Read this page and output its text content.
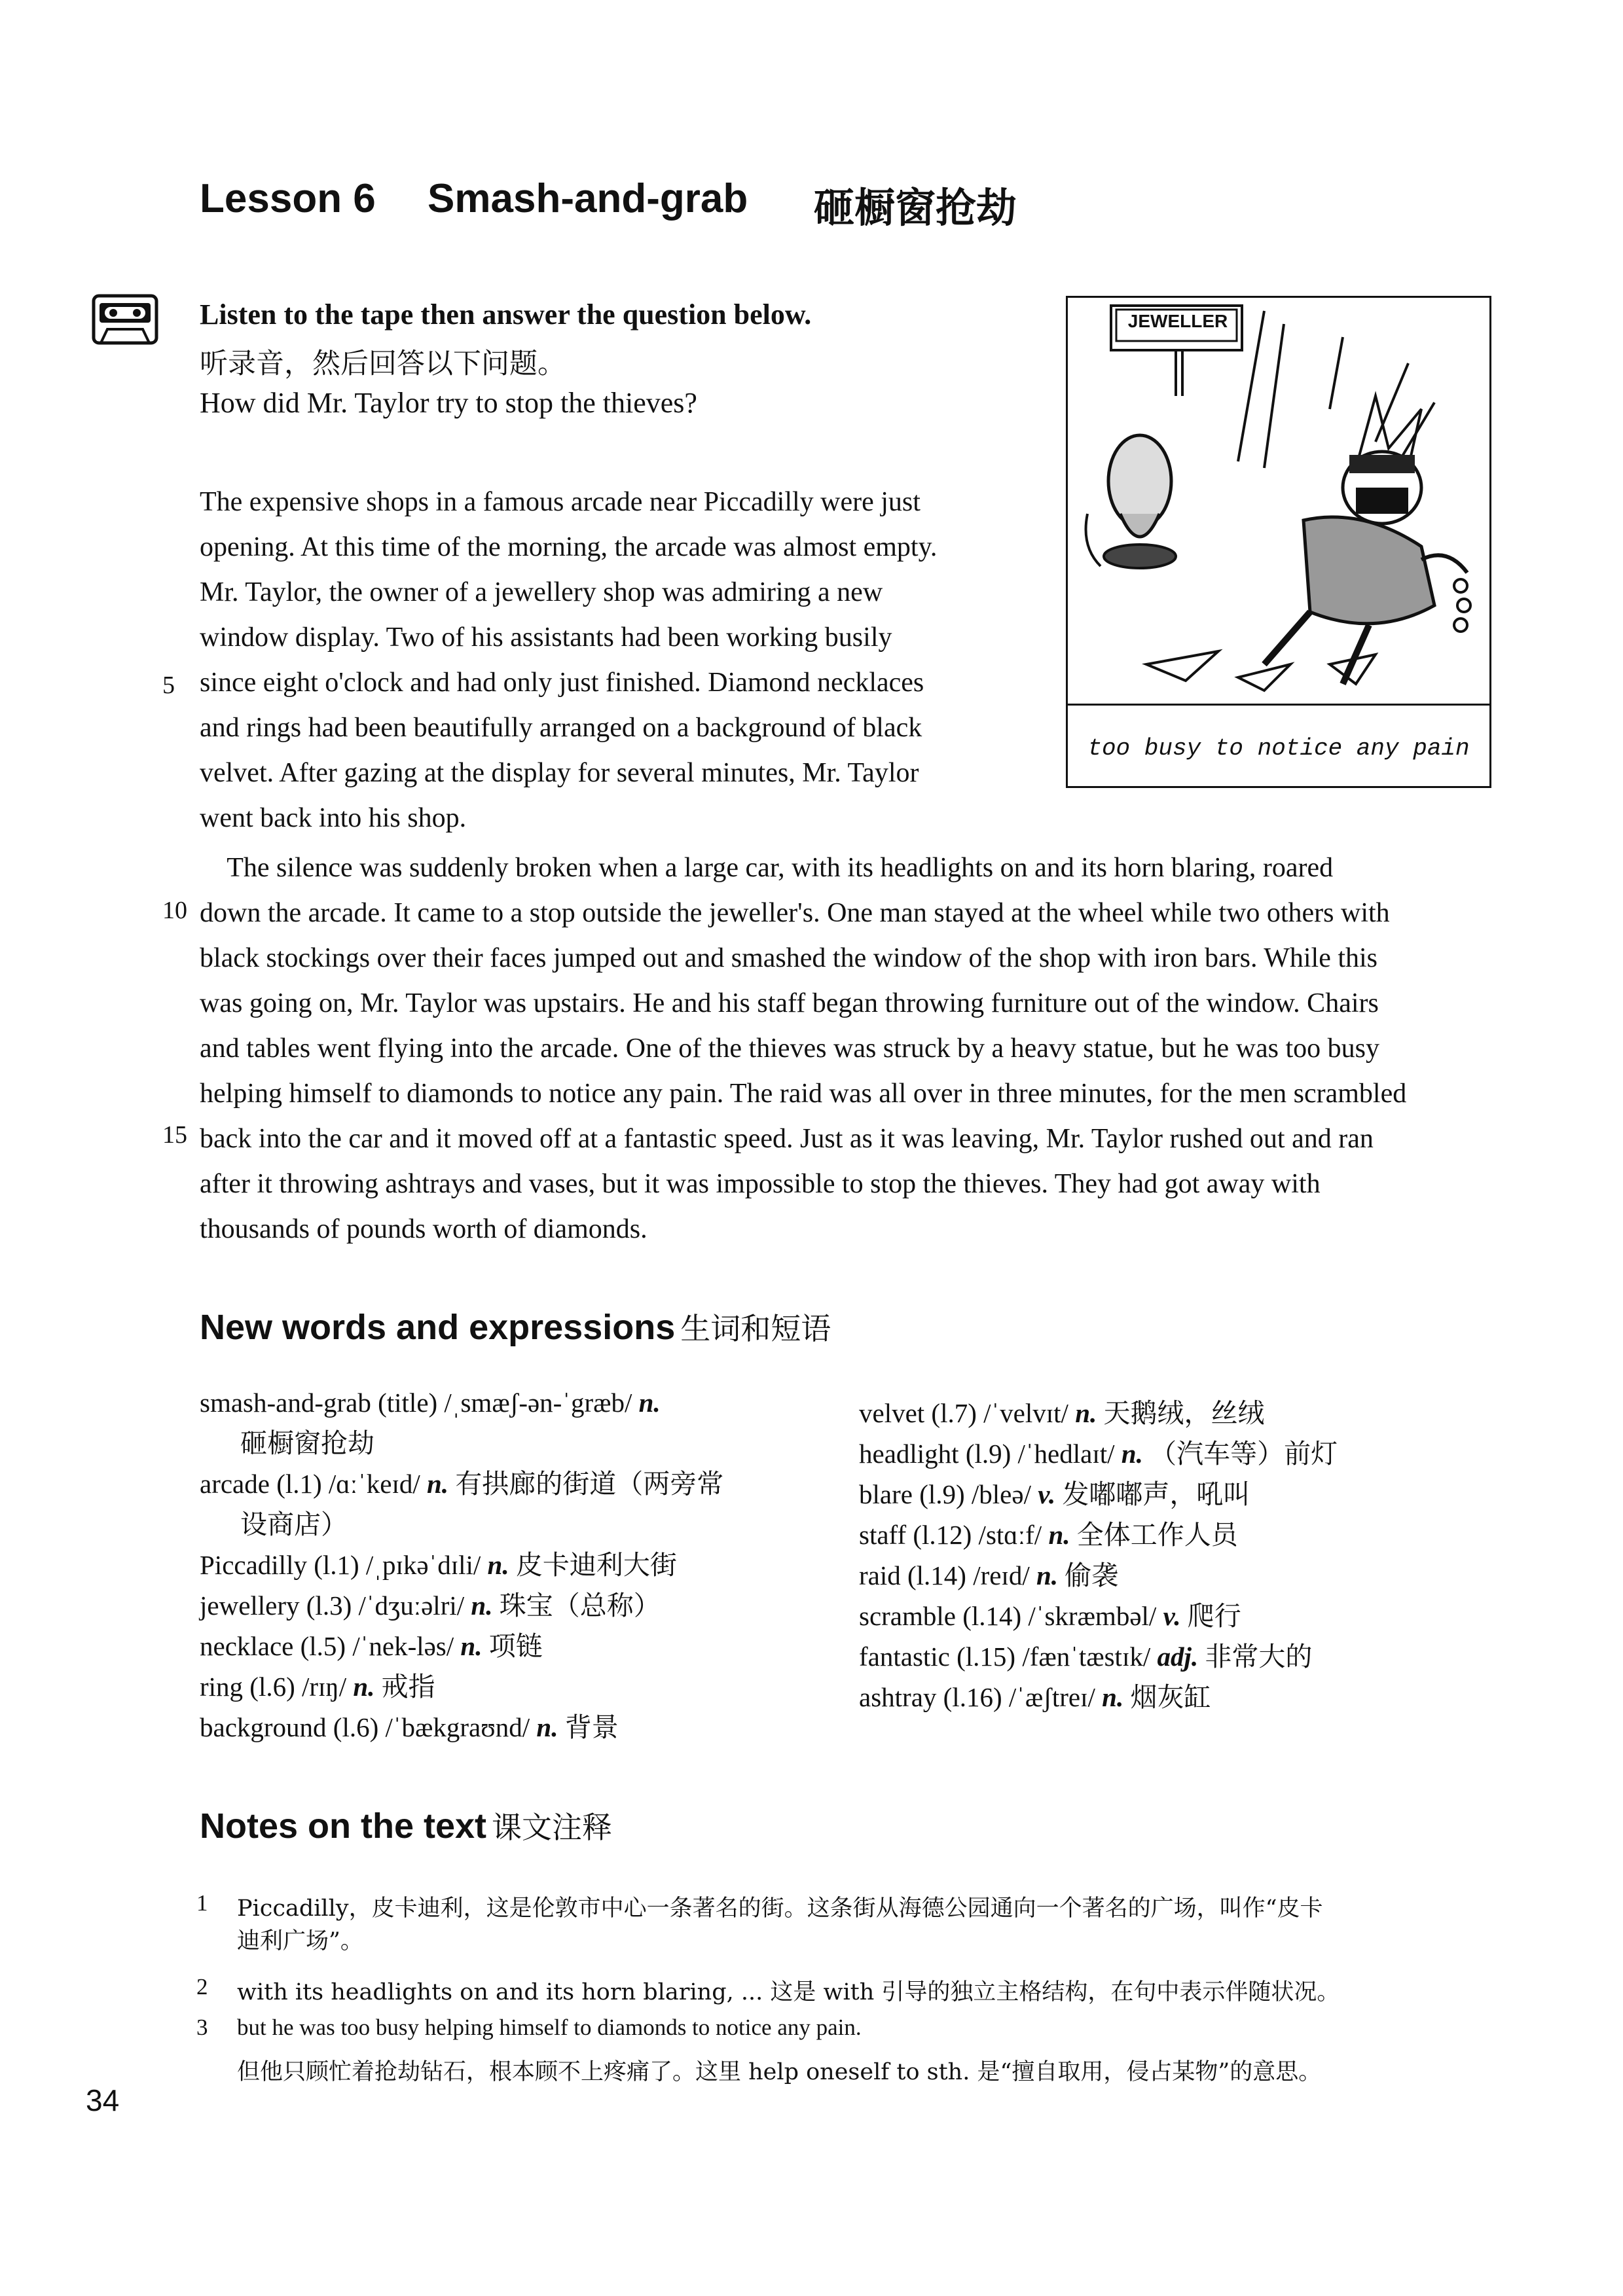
Lesson 6 Smash-and-grab 砸橱窗抢劫
Listen to the tape then answer the question below.
听录音，然后回答以下问题。
How did Mr. Taylor try to stop the thieves?
The expensive shops in a famous arcade near Piccadilly were just
opening. At this time of the morning, the arcade was almost empty.
Mr. Taylor, the owner of a jewellery shop was admiring a new
window display. Two of his assistants had been working busily
since eight o'clock and had only just finished. Diamond necklaces
and rings had been beautifully arranged on a background of black
velvet. After gazing at the display for several minutes, Mr. Taylor
went back into his shop.
The silence was suddenly broken when a large car, with its headlights on and its horn blaring, roared
down the arcade. It came to a stop outside the jeweller's. One man stayed at the wheel while two others with
black stockings over their faces jumped out and smashed the window of the shop with iron bars. While this
was going on, Mr. Taylor was upstairs. He and his staff began throwing furniture out of the window. Chairs
and tables went flying into the arcade. One of the thieves was struck by a heavy statue, but he was too busy
helping himself to diamonds to notice any pain. The raid was all over in three minutes, for the men scrambled
back into the car and it moved off at a fantastic speed. Just as it was leaving, Mr. Taylor rushed out and ran
after it throwing ashtrays and vases, but it was impossible to stop the thieves. They had got away with
thousands of pounds worth of diamonds.
5
10
15
JEWELLER
too busy to notice any pain
New words and expressions 生词和短语
smash-and-grab (title) /ˌsmæʃ-ən-ˈgræb/ n.
砸橱窗抢劫
arcade (l.1) /ɑːˈkeɪd/ n. 有拱廊的街道（两旁常
设商店）
Piccadilly (l.1) /ˌpɪkəˈdɪli/ n. 皮卡迪利大街
jewellery (l.3) /ˈdʒuːəlri/ n. 珠宝（总称）
necklace (l.5) /ˈnek-ləs/ n. 项链
ring (l.6) /rɪŋ/ n. 戒指
background (l.6) /ˈbækgraʊnd/ n. 背景
velvet (l.7) /ˈvelvɪt/ n. 天鹅绒，丝绒
headlight (l.9) /ˈhedlaɪt/ n. （汽车等）前灯
blare (l.9) /bleə/ v. 发嘟嘟声，吼叫
staff (l.12) /stɑːf/ n. 全体工作人员
raid (l.14) /reɪd/ n. 偷袭
scramble (l.14) /ˈskræmbəl/ v. 爬行
fantastic (l.15) /fænˈtæstɪk/ adj. 非常大的
ashtray (l.16) /ˈæʃtreɪ/ n. 烟灰缸
Notes on the text 课文注释
1 Piccadilly，皮卡迪利，这是伦敦市中心一条著名的街。这条街从海德公园通向一个著名的广场，叫作“皮卡
迪利广场”。
2 with its headlights on and its horn blaring, ... 这是 with 引导的独立主格结构，在句中表示伴随状况。
3 but he was too busy helping himself to diamonds to notice any pain.
但他只顾忙着抢劫钻石，根本顾不上疼痛了。这里 help oneself to sth. 是“擅自取用，侵占某物”的意思。
34
